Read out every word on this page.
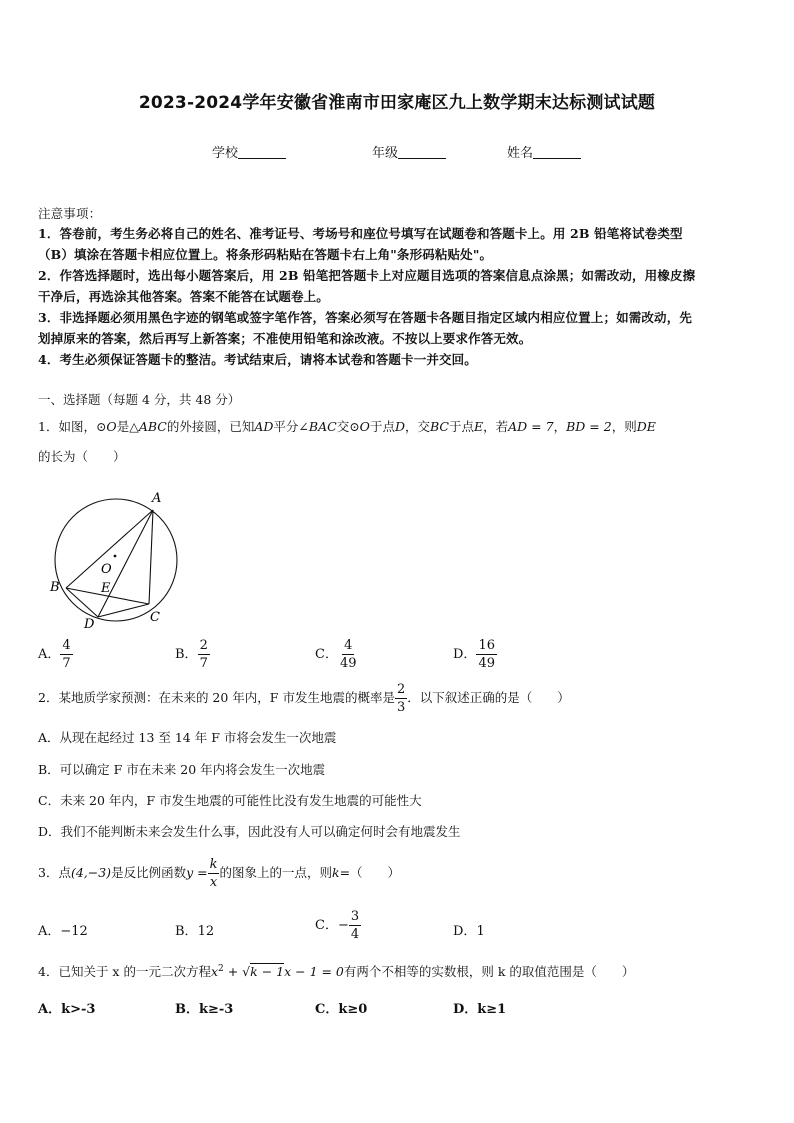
2023-2024学年安徽省淮南市田家庵区九上数学期末达标测试试题
学校	年级	姓名
注意事项：
1．答卷前，考生务必将自己的姓名、准考证号、考场号和座位号填写在试题卷和答题卡上。用 2B 铅笔将试卷类型
（B）填涂在答题卡相应位置上。将条形码粘贴在答题卡右上角"条形码粘贴处"。
2．作答选择题时，选出每小题答案后，用 2B 铅笔把答题卡上对应题目选项的答案信息点涂黑；如需改动，用橡皮擦
干净后，再选涂其他答案。答案不能答在试题卷上。
3．非选择题必须用黑色字迹的钢笔或签字笔作答，答案必须写在答题卡各题目指定区域内相应位置上；如需改动，先
划掉原来的答案，然后再写上新答案；不准使用铅笔和涂改液。不按以上要求作答无效。
4．考生必须保证答题卡的整洁。考试结束后，请将本试卷和答题卡一并交回。
一、选择题（每题 4 分，共 48 分）
1．如图，⊙O是△ABC的外接圆，已知AD平分∠BAC交⊙O于点D，交BC于点E，若AD = 7，BD = 2，则DE
的长为（　　）
A
B
C
D
E
O
A． $\frac{4}{7}$	B． $\frac{2}{7}$	C． $\frac{4}{49}$	D． $\frac{16}{49}$
2．某地质学家预测：在未来的 20 年内，F 市发生地震的概率是 $\frac{2}{3}$ ．以下叙述正确的是（　　）
A．从现在起经过 13 至 14 年 F 市将会发生一次地震
B．可以确定 F 市在未来 20 年内将会发生一次地震
C．未来 20 年内，F 市发生地震的可能性比没有发生地震的可能性大
D．我们不能判断未来会发生什么事，因此没有人可以确定何时会有地震发生
3．点(4,−3)是反比例函数$y = \frac{k}{x}$ 的图象上的一点，则k=（　　）
A．−12	B．12	C．− $\frac{3}{4}$	D．1
4．已知关于 x 的一元二次方程$x^2 + √k - 1x - 1 = 0$有两个不相等的实数根，则 k 的取值范围是（　　）
A．k>-3	B．k≥-3	C．k≥0	D．k≥1
